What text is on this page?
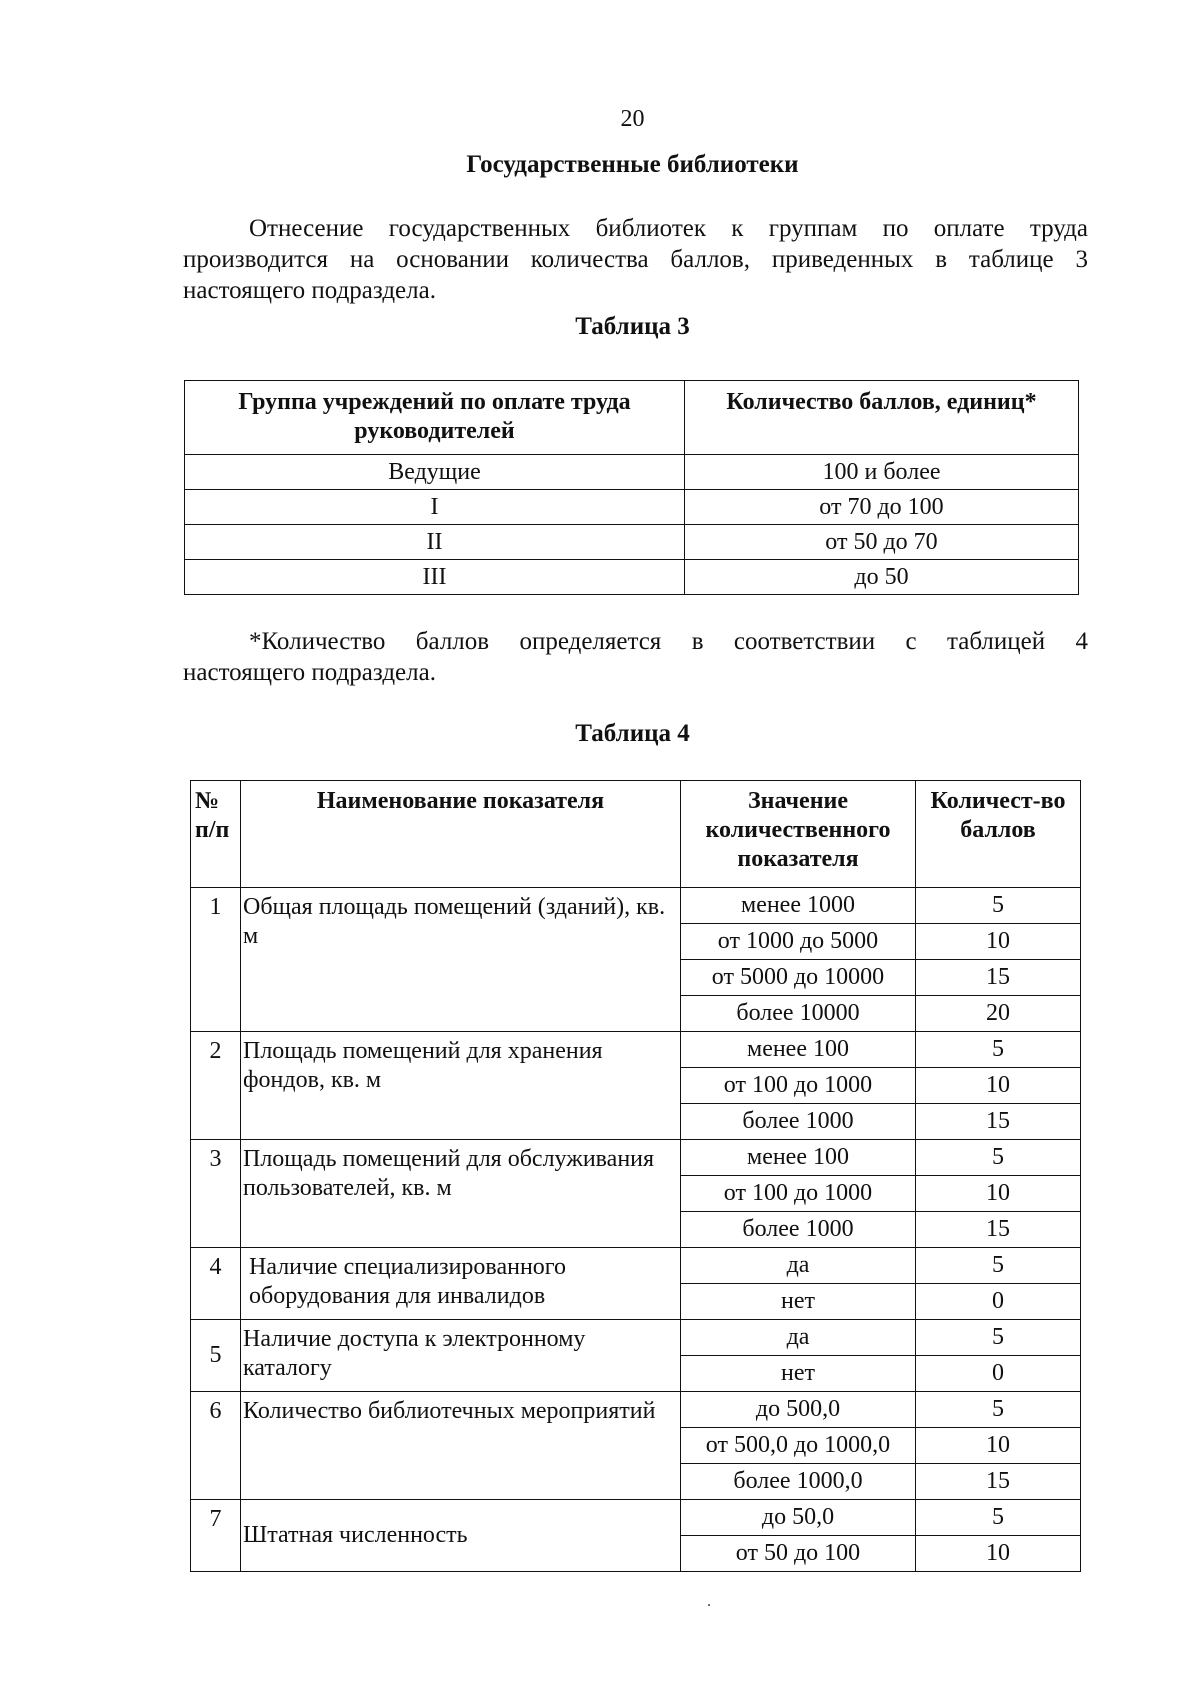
20
Государственные библиотеки
Отнесение государственных библиотек к группам по оплате труда
производится на основании количества баллов, приведенных в таблице 3 настоящего подраздела.
Таблица 3
Группа учреждений по оплате труда руководителей	Количество баллов, единиц*
Ведущие	100 и более
I	от 70 до 100
II	от 50 до 70
III	до 50
*Количество баллов определяется в соответствии с таблицей 4
настоящего подраздела.
Таблица 4
№ п/п	Наименование показателя	Значение количественного показателя	Количест-во баллов
1	Общая площадь помещений (зданий), кв. м	менее 1000	5
		от 1000 до 5000	10
		от 5000 до 10000	15
		более 10000	20
2	Площадь помещений для хранения фондов, кв. м	менее 100	5
		от 100 до 1000	10
		более 1000	15
3	Площадь помещений для обслуживания пользователей, кв. м	менее 100	5
		от 100 до 1000	10
		более 1000	15
4	Наличие специализированного оборудования для инвалидов	да	5
		нет	0
5	Наличие доступа к электронному каталогу	да	5
		нет	0
6	Количество библиотечных мероприятий	до 500,0	5
		от 500,0 до 1000,0	10
		более 1000,0	15
7	Штатная численность	до 50,0	5
		от 50 до 100	10
˙
